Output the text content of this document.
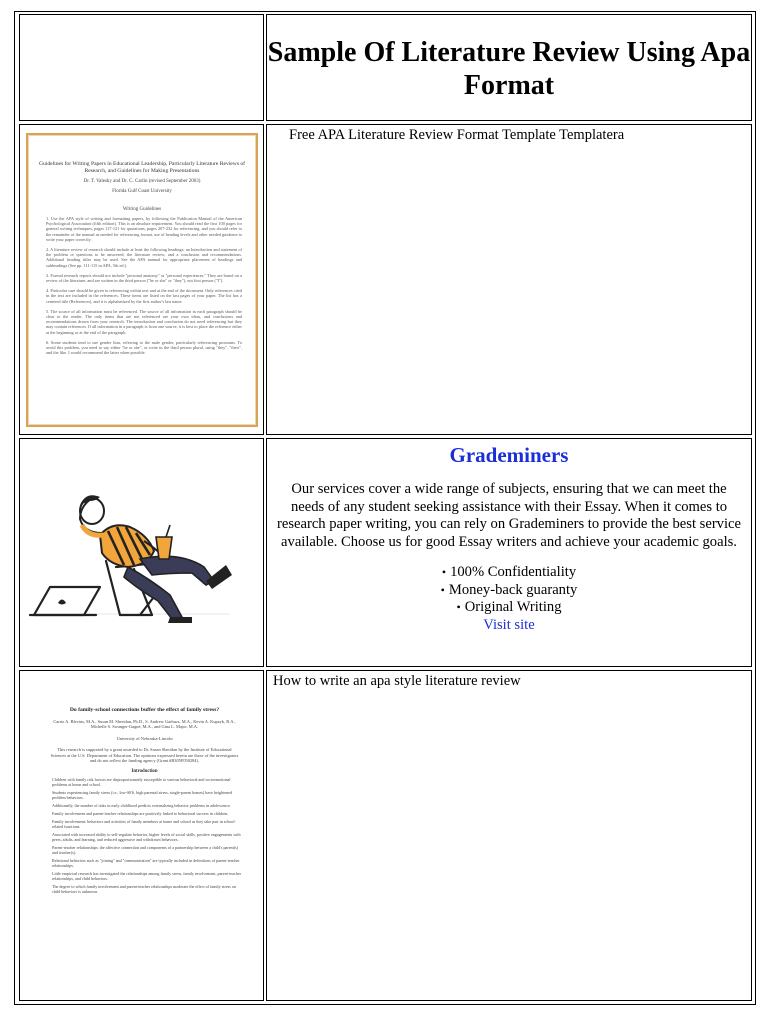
Sample Of Literature Review Using Apa Format
Guidelines for Writing Papers in Educational Leadership, Particularly Literature Reviews of Research, and Guidelines for Making Presentations
Dr. T. Valesky and Dr. C. Carlin (revised September 2003)
Florida Gulf Coast University
Writing Guidelines
1. Use the APA style of writing and formatting papers, by following the Publication Manual of the American Psychological Association (fifth edition). This is an absolute requirement. You should read the first 100 pages for general writing techniques, pages 117-121 for quotations, pages 207-232 for referencing, and you should refer to the remainder of the manual as needed for referencing format, use of heading levels and other needed guidance to write your paper correctly.
2. A literature review of research should include at least the following headings: an Introduction and statement of the problem or questions to be answered; the literature review; and a conclusion and recommendations. Additional heading titles may be used. See the APA manual for appropriate placement of headings and subheadings (See pp. 111-115 in APA, 5th ed.).
3. Formal research reports should not include "personal anatomy" or "personal experiences." They are based on a review of the literature, and are written in the third person ("he or she" or "they"), not first person ("I").
4. Particular care should be given to referencing within text and at the end of the document. Only references cited in the text are included in the references. These items are listed on the last pages of your paper. The list has a centered title (References), and it is alphabetized by the first author's last name.
5. The source of all information must be referenced. The source of all information in each paragraph should be clear to the reader. The only items that are not referenced are your own ideas, and conclusions and recommendations drawn from your research. The introduction and conclusion do not need referencing but they may contain references. If all information in a paragraph is from one source, it is best to place the reference either at the beginning or at the end of the paragraph.
6. Some students tend to use gender bias, referring to the male gender, particularly referencing pronouns. To avoid this problem, you need to say either "he or she", or write in the third person plural, using "they", "their", and the like. I would recommend the latter when possible.
Free APA Literature Review Format Template Templatera
Grademiners
Our services cover a wide range of subjects, ensuring that we can meet the needs of any student seeking assistance with their Essay. When it comes to research paper writing, you can rely on Grademiners to provide the best service available. Choose us for good Essay writers and achieve your academic goals.
• 100% Confidentiality
• Money-back guaranty
• Original Writing
Visit site
Do family-school connections buffer the effect of family stress?
Carrie A. Blevins, M.A., Susan M. Sheridan, Ph.D., S. Andrew Garbacz, M.A., Kevin A. Kupzyk, B.A., Michelle S. Swanger-Gagné, M.A., and Gina L. Major, M.A.
University of Nebraska-Lincoln
This research is supported by a grant awarded to Dr. Susan Sheridan by the Institute of Educational Sciences at the U.S. Department of Education. The opinions expressed herein are those of the investigators and do not reflect the funding agency (Grant #R305F050284).
Introduction
Children with family risk factors are disproportionately susceptible to various behavioral and socioemotional problems at home and school.
Students experiencing family stress (i.e., low-SES, high parental stress, single-parent homes) have heightened problem behaviors.
Additionally, the number of risks in early childhood predicts externalizing behavior problems in adolescence.
Family involvement and parent-teacher relationships are positively linked to behavioral success in children.
Family involvement: behaviors and activities of family members at home and school as they take part in school-related functions.
Associated with increased ability to self-regulate behavior, higher levels of social skills, positive engagements with peers, adults, and learning, and reduced aggressive and withdrawn behaviors.
Parent-teacher relationships: the affective connection and components of a partnership between a child's parent(s) and teacher(s).
Relational behaviors such as "joining" and "communication" are typically included in definitions of parent-teacher relationships.
Little empirical research has investigated the relationships among family stress, family involvement, parent-teacher relationships, and child behaviors.
The degree to which family involvement and parent-teacher relationships moderate the effect of family stress on child behaviors is unknown.
How to write an apa style literature review
